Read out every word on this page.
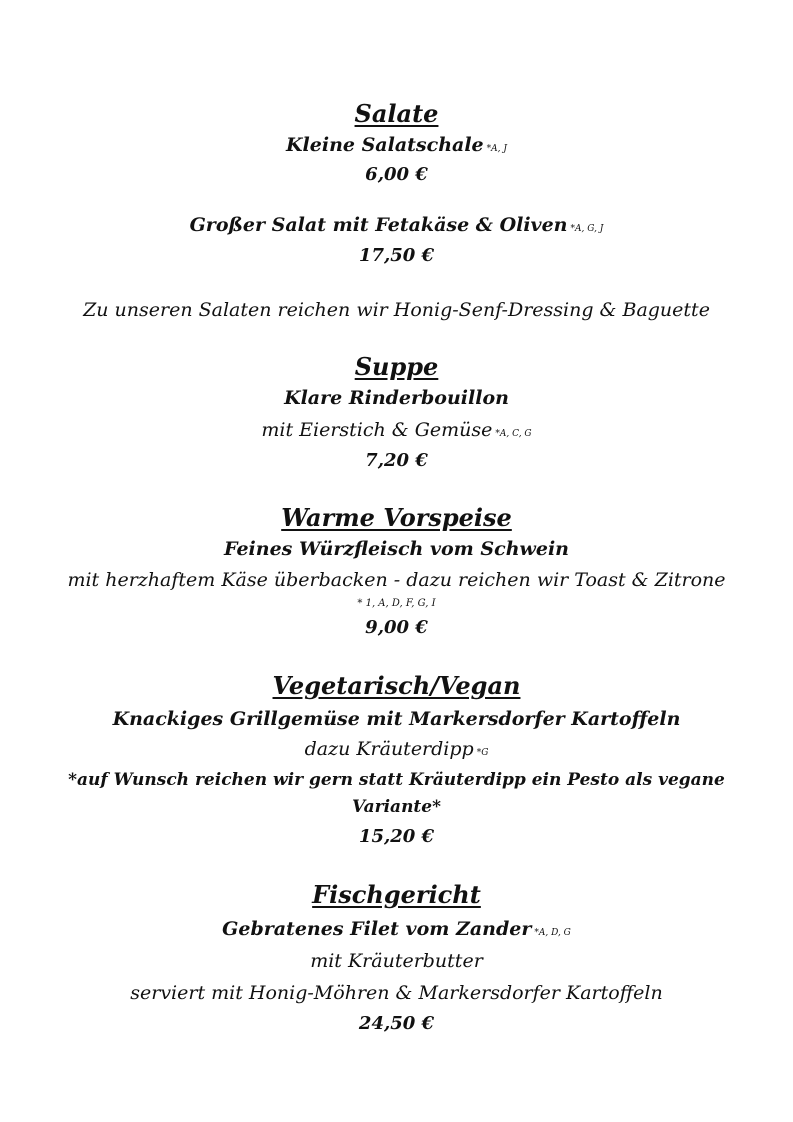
Salate
Kleine Salatschale *A, J
6,00 €
Großer Salat mit Fetakäse & Oliven *A, G, J
17,50 €
Zu unseren Salaten reichen wir Honig-Senf-Dressing & Baguette
Suppe
Klare Rinderbouillon
mit Eierstich & Gemüse *A, C, G
7,20 €
Warme Vorspeise
Feines Würzfleisch vom Schwein
mit herzhaftem Käse überbacken - dazu reichen wir Toast & Zitrone
* 1, A, D, F, G, I
9,00 €
Vegetarisch/Vegan
Knackiges Grillgemüse mit Markersdorfer Kartoffeln
dazu Kräuterdipp *G
*auf Wunsch reichen wir gern statt Kräuterdipp ein Pesto als vegane
Variante*
15,20 €
Fischgericht
Gebratenes Filet vom Zander *A, D, G
mit Kräuterbutter
serviert mit Honig-Möhren & Markersdorfer Kartoffeln
24,50 €
